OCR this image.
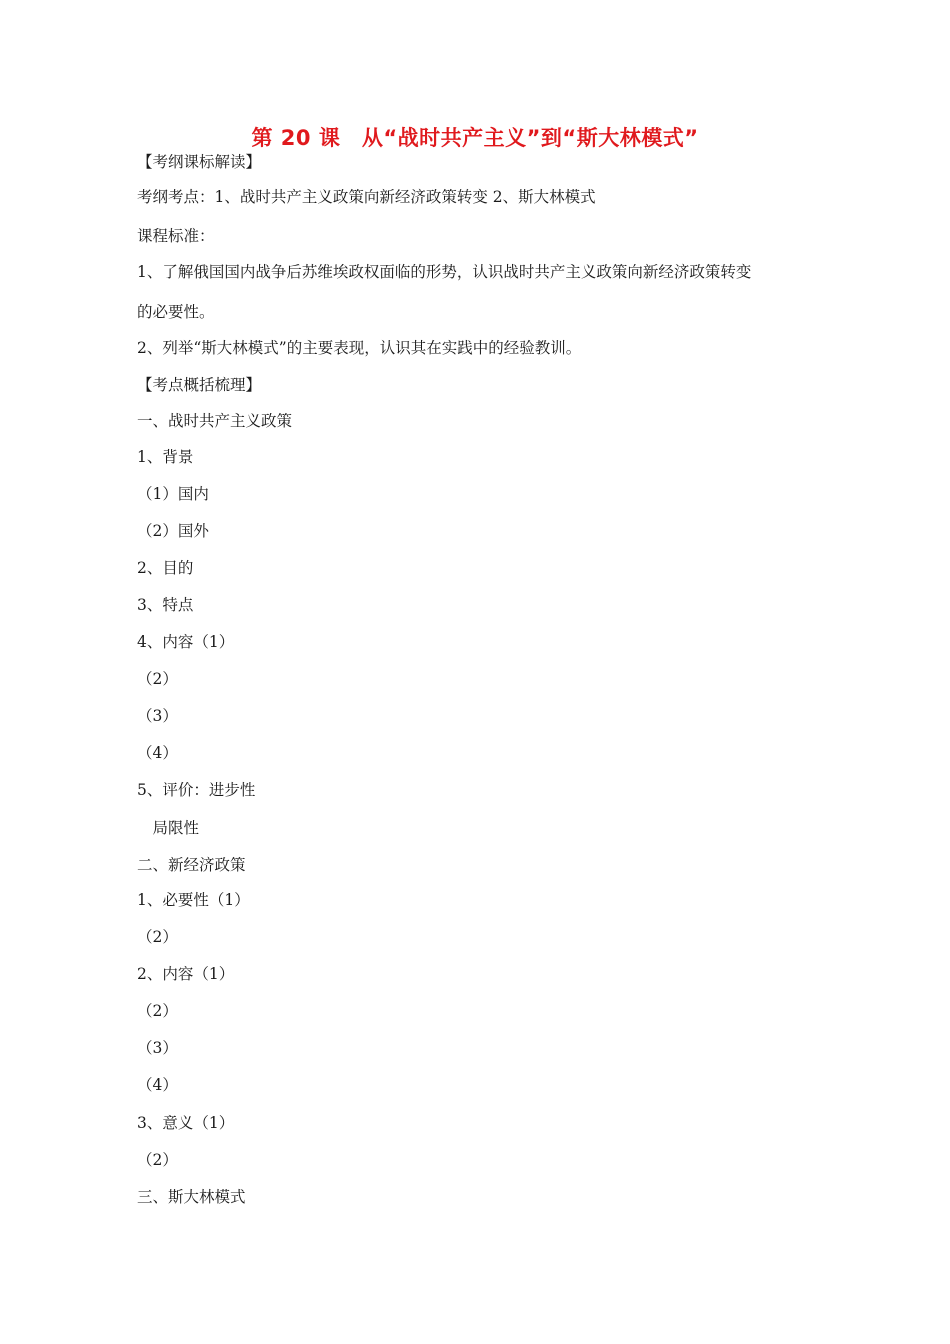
第 20 课　从“战时共产主义”到“斯大林模式”
【考纲课标解读】
考纲考点：1、战时共产主义政策向新经济政策转变 2、斯大林模式
课程标准：
1、了解俄国国内战争后苏维埃政权面临的形势，认识战时共产主义政策向新经济政策转变
的必要性。
2、列举“斯大林模式”的主要表现，认识其在实践中的经验教训。
【考点概括梳理】
一、战时共产主义政策
1、背景
（1）国内
（2）国外
2、目的
3、特点
4、内容（1）
（2）
（3）
（4）
5、评价：进步性
　局限性
二、新经济政策
1、必要性（1）
（2）
2、内容（1）
（2）
（3）
（4）
3、意义（1）
（2）
三、斯大林模式
